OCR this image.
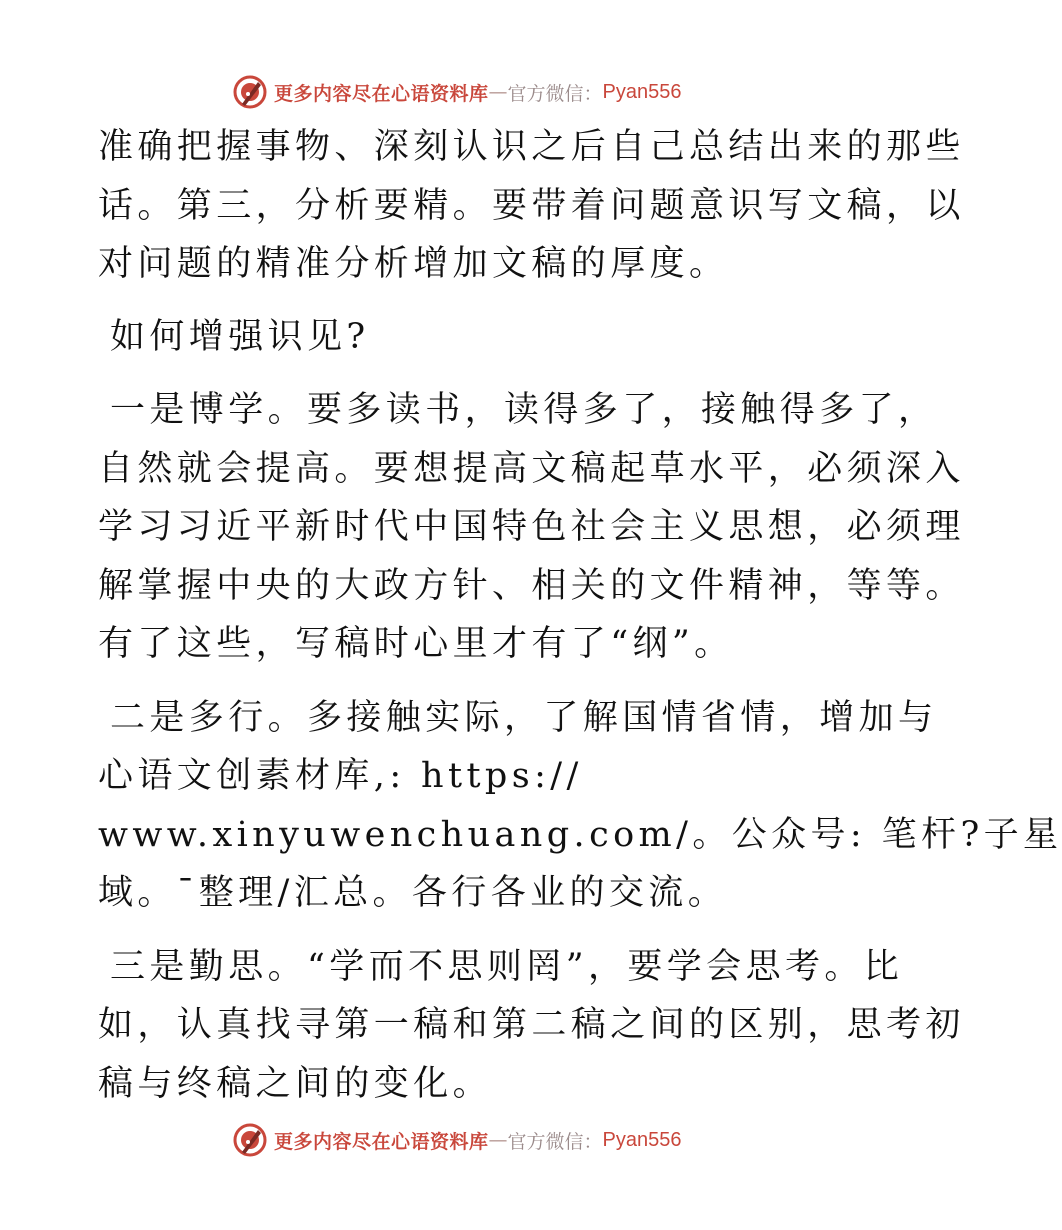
更多内容尽在心语资料库 — 官方微信： Pyan556

准确把握事物、深刻认识之后自己总结出来的那些
话。第三，分析要精。要带着问题意识写文稿，以
对问题的精准分析增加文稿的厚度。

如何增强识见?

一是博学。要多读书，读得多了，接触得多了，
自然就会提高。要想提高文稿起草水平，必须深入
学习习近平新时代中国特色社会主义思想，必须理
解掌握中央的大政方针、相关的文件精神，等等。
有了这些，写稿时心里才有了“纲”。

二是多行。多接触实际，了解国情省情，增加与
心语文创素材库,: https://
www.xinyuwenchuang.com/。公众号: 笔杆?子星
域。¯整理/汇总。各行各业的交流。

三是勤思。“学而不思则罔”，要学会思考。比
如，认真找寻第一稿和第二稿之间的区别，思考初
稿与终稿之间的变化。

更多内容尽在心语资料库 — 官方微信： Pyan556
